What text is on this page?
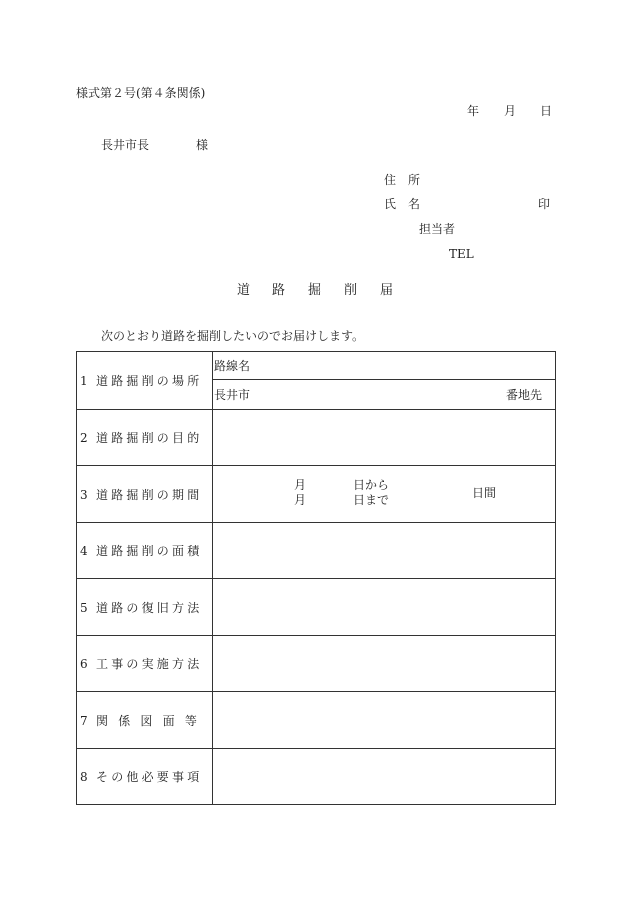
様式第２号(第４条関係)
年 月 日
長井市長	様
住　所
氏　名	印
担当者
TEL
道 路 掘 削 届
次のとおり道路を掘削したいのでお届けします。
1 道路掘削の場所	路線名

	長井市 番地先

2 道路掘削の目的	
3 道路掘削の期間	月 日から
月 日まで 日間

4 道路掘削の面積	
5 道路の復旧方法	
6 工事の実施方法	
7 関 係 図 面 等	
8 その他必要事項	
